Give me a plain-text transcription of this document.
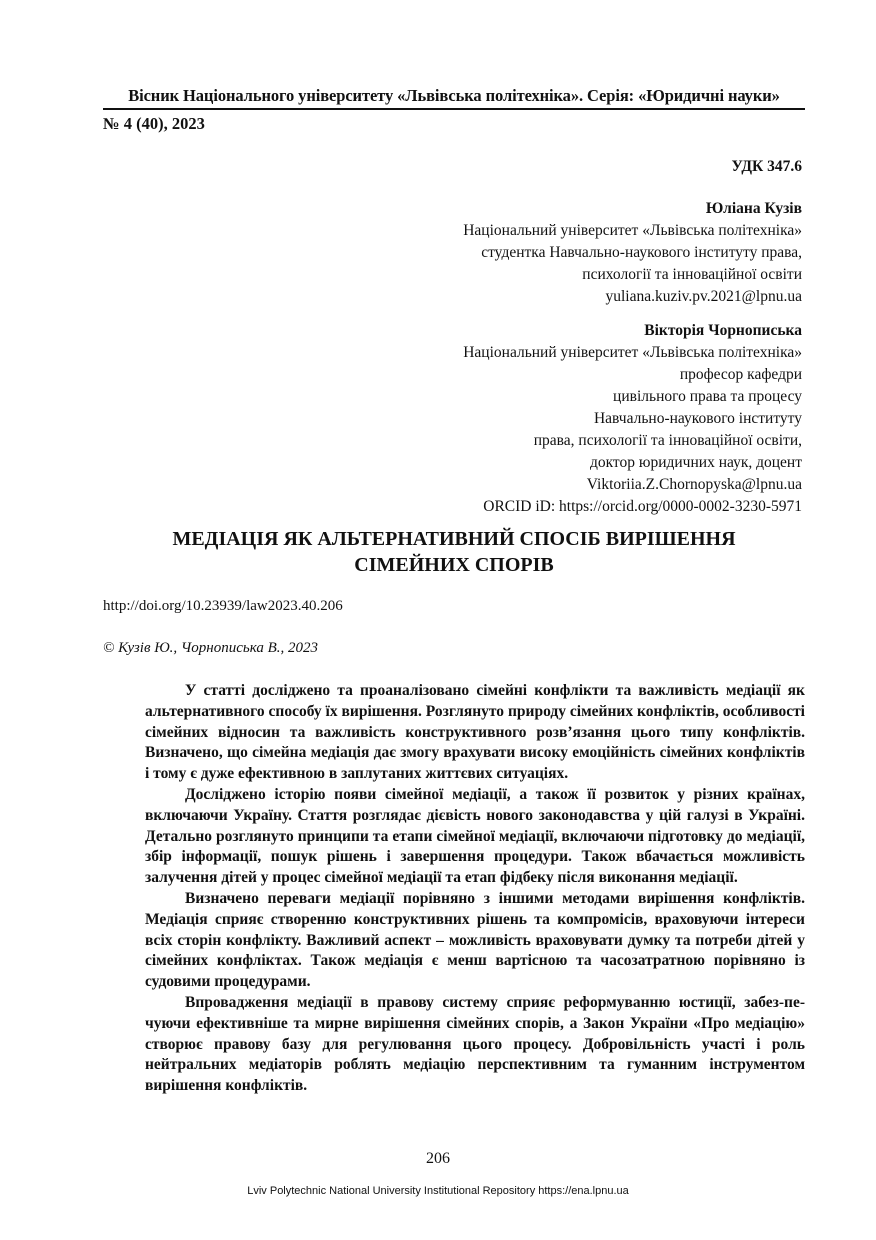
Вісник Національного університету «Львівська політехніка». Серія: «Юридичні науки»
№ 4 (40), 2023
УДК 347.6
Юліана Кузів
Національний університет «Львівська політехніка»
студентка Навчально-наукового інституту права,
психології та інноваційної освіти
yuliana.kuziv.pv.2021@lpnu.ua
Вікторія Чорнописька
Національний університет «Львівська політехніка»
професор кафедри
цивільного права та процесу
Навчально-наукового інституту
права, психології та інноваційної освіти,
доктор юридичних наук, доцент
Viktoriia.Z.Chornopyska@lpnu.ua
ORCID iD: https://orcid.org/0000-0002-3230-5971
МЕДІАЦІЯ ЯК АЛЬТЕРНАТИВНИЙ СПОСІБ ВИРІШЕННЯ
СІМЕЙНИХ СПОРІВ
http://doi.org/10.23939/law2023.40.206
© Кузів Ю., Чорнописька В., 2023

У статті досліджено та проаналізовано сімейні конфлікти та важливість медіації як альтернативного способу їх вирішення. Розглянуто природу сімейних конфліктів, особливості сімейних відносин та важливість конструктивного розв’язання цього типу конфліктів. Визначено, що сімейна медіація дає змогу врахувати високу емоційність сімейних конфліктів і тому є дуже ефективною в заплутаних життєвих ситуаціях.

Досліджено історію появи сімейної медіації, а також її розвиток у різних країнах, включаючи Україну. Стаття розглядає дієвість нового законодавства у цій галузі в Україні. Детально розглянуто принципи та етапи сімейної медіації, включаючи підготовку до медіації, збір інформації, пошук рішень і завершення процедури. Також вбачається можливість залучення дітей у процес сімейної медіації та етап фідбеку після виконання медіації.

Визначено переваги медіації порівняно з іншими методами вирішення конфліктів. Медіація сприяє створенню конструктивних рішень та компромісів, враховуючи інтереси всіх сторін конфлікту. Важливий аспект – можливість враховувати думку та потреби дітей у сімейних конфліктах. Також медіація є менш вартісною та часозатратною порівняно із судовими процедурами.

Впровадження медіації в правову систему сприяє реформуванню юстиції, забез-печуючи ефективніше та мирне вирішення сімейних спорів, а Закон України «Про медіацію» створює правову базу для регулювання цього процесу. Добровільність участі і роль нейтральних медіаторів роблять медіацію перспективним та гуманним інструментом вирішення конфліктів.

206
Lviv Polytechnic National University Institutional Repository https://ena.lpnu.ua
